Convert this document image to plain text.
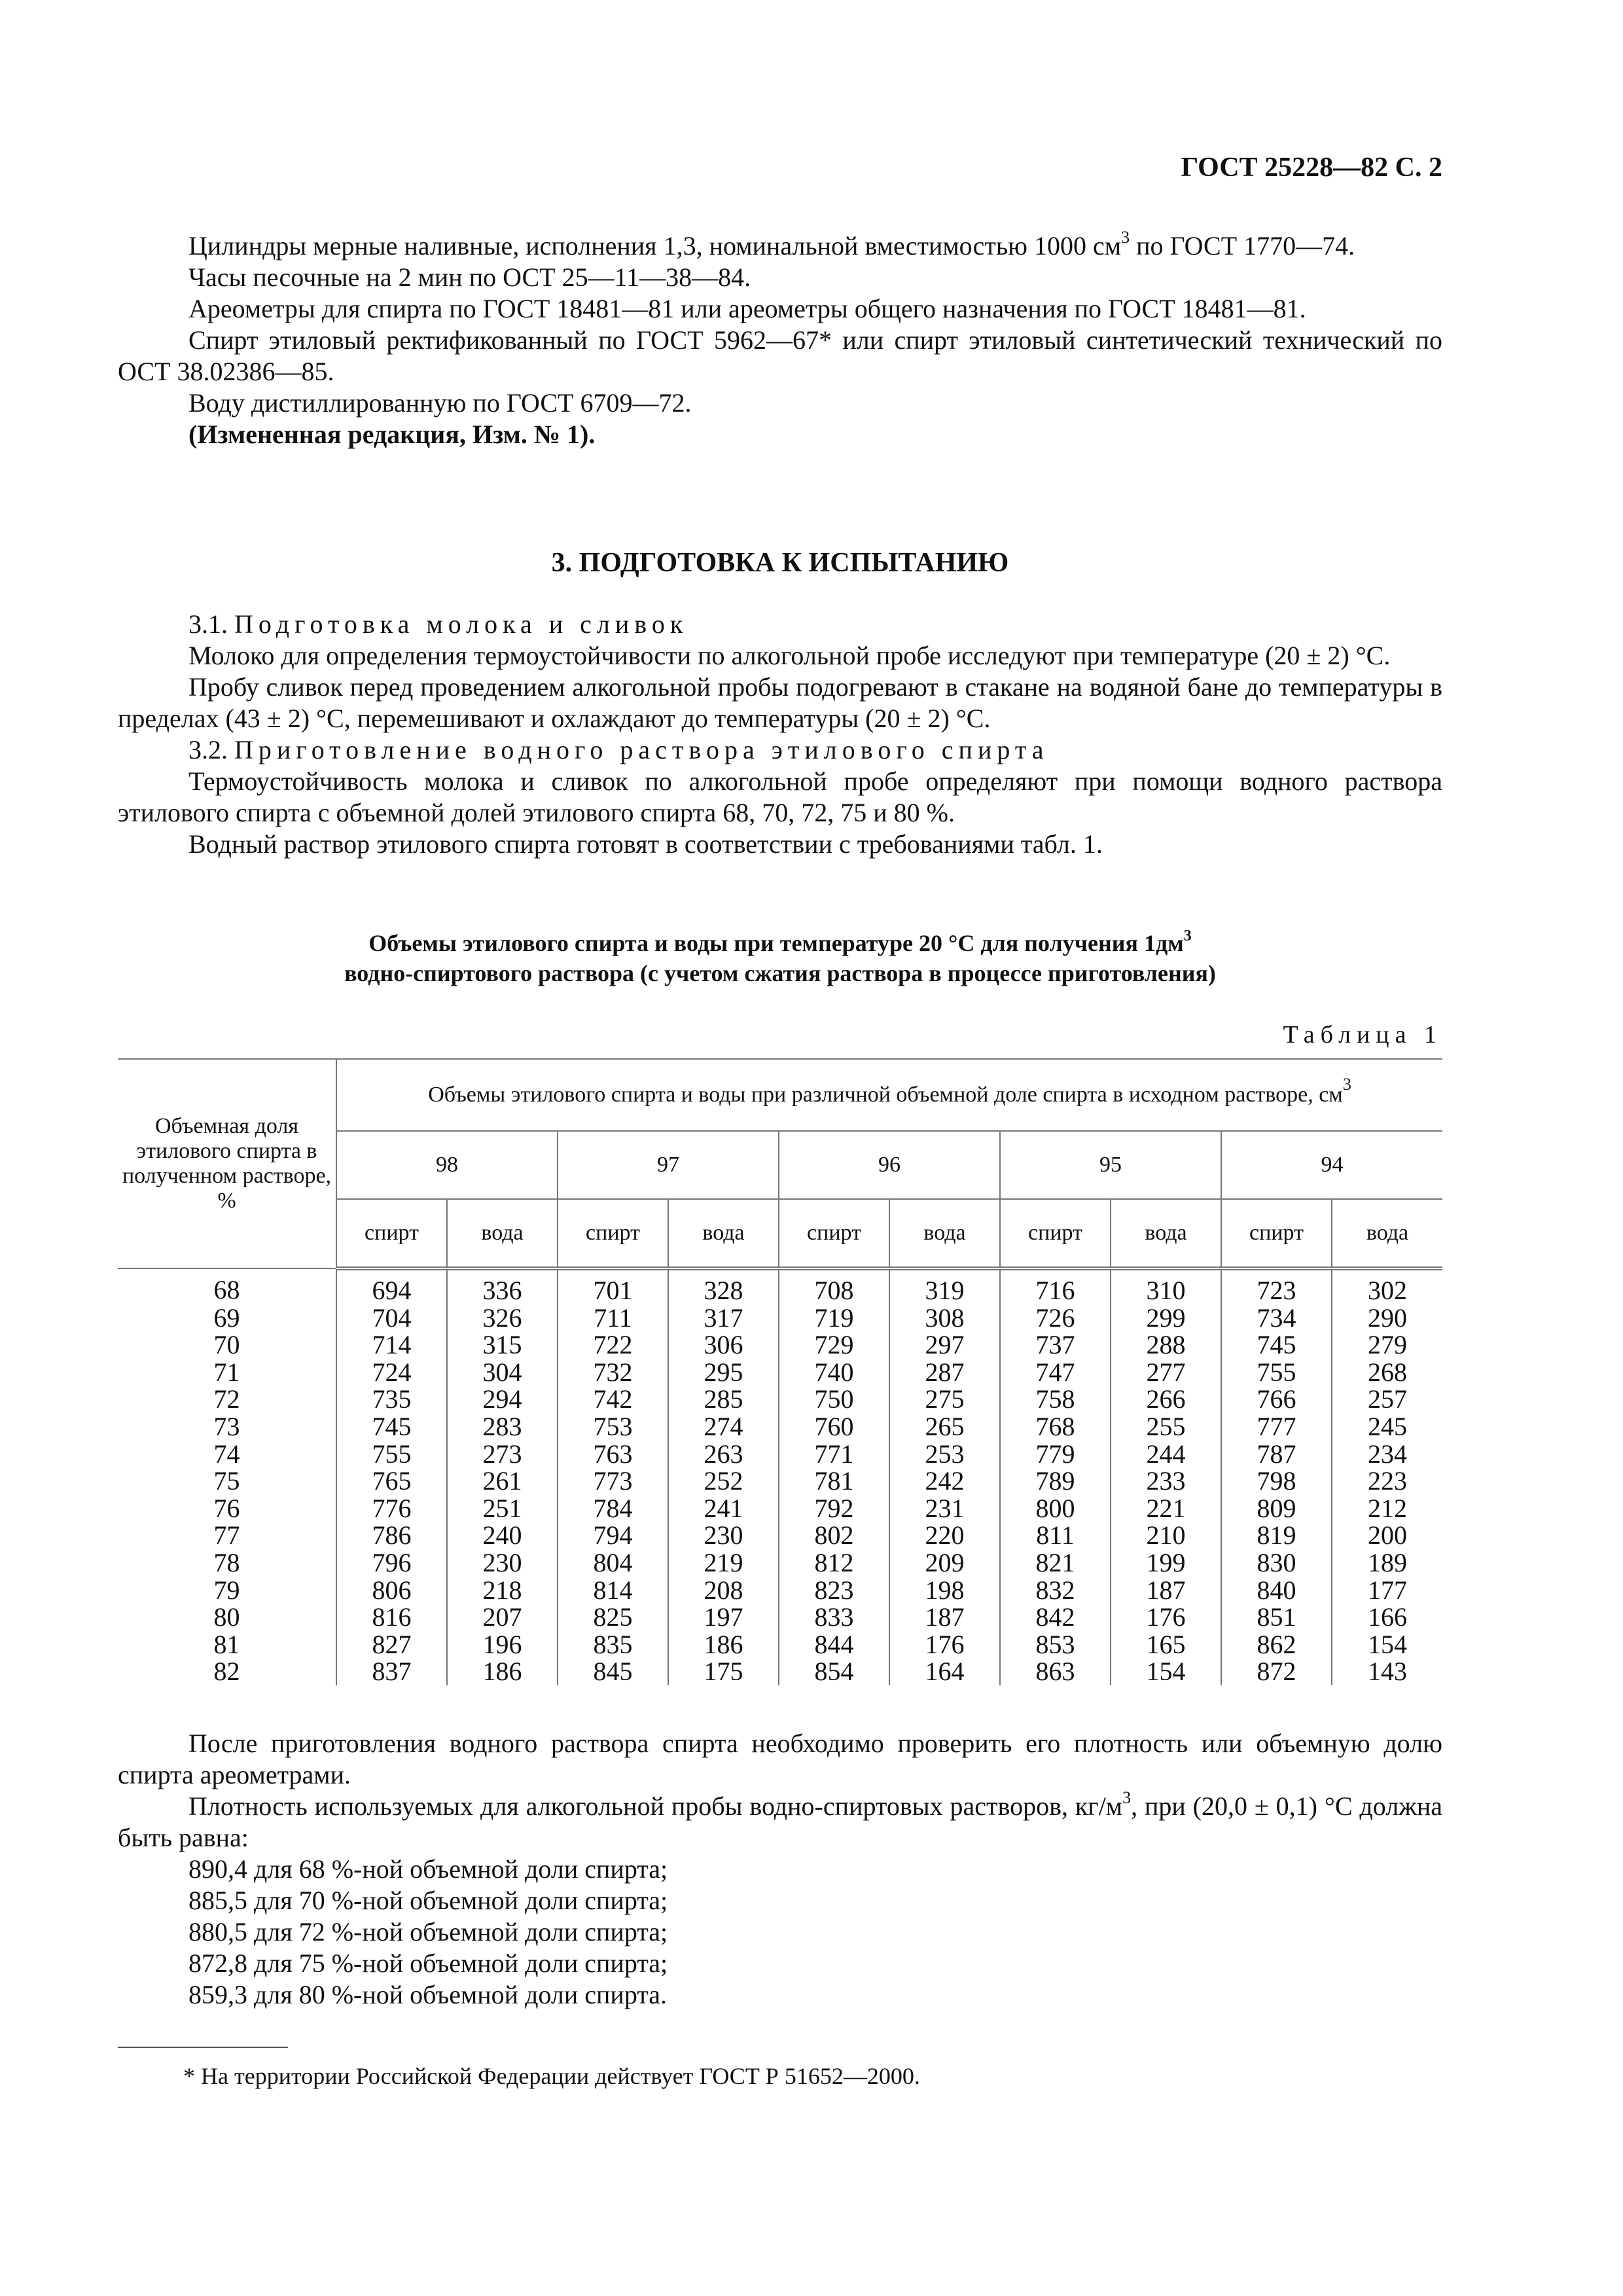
ГОСТ 25228—82 С. 2

Цилиндры мерные наливные, исполнения 1,3, номинальной вместимостью 1000 $см^3$ по ГОСТ 1770—74.

Часы песочные на 2 мин по ОСТ 25—11—38—84.

Ареометры для спирта по ГОСТ 18481—81 или ареометры общего назначения по ГОСТ 18481—81.

Спирт этиловый ректификованный по ГОСТ 5962—67* или спирт этиловый синтетический технический по ОСТ 38.02386—85.

Воду дистиллированную по ГОСТ 6709—72.

(Измененная редакция, Изм. № 1).

3. ПОДГОТОВКА К ИСПЫТАНИЮ

3.1. Подготовка молока и сливок

Молоко для определения термоустойчивости по алкогольной пробе исследуют при температуре (20 ± 2) °С.

Пробу сливок перед проведением алкогольной пробы подогревают в стакане на водяной бане до температуры в пределах (43 ± 2) °С, перемешивают и охлаждают до температуры (20 ± 2) °С.

3.2. Приготовление водного раствора этилового спирта

Термоустойчивость молока и сливок по алкогольной пробе определяют при помощи водного раствора этилового спирта с объемной долей этилового спирта 68, 70, 72, 75 и 80 %.

Водный раствор этилового спирта готовят в соответствии с требованиями табл. 1.

Объемы этилового спирта и воды при температуре 20 °С для получения $1дм^3$
водно-спиртового раствора (с учетом сжатия раствора в процессе приготовления)
Таблица 1
Объемная доля этилового спирта в полученном растворе, %	Объемы этилового спирта и воды при различной объемной доле спирта в исходном растворе, $см^3$
	98		97		96		95		94	
	спирт	вода	спирт	вода	спирт	вода	спирт	вода	спирт	вода
68	694	336	701	328	708	319	716	310	723	302
69	704	326	711	317	719	308	726	299	734	290
70	714	315	722	306	729	297	737	288	745	279
71	724	304	732	295	740	287	747	277	755	268
72	735	294	742	285	750	275	758	266	766	257
73	745	283	753	274	760	265	768	255	777	245
74	755	273	763	263	771	253	779	244	787	234
75	765	261	773	252	781	242	789	233	798	223
76	776	251	784	241	792	231	800	221	809	212
77	786	240	794	230	802	220	811	210	819	200
78	796	230	804	219	812	209	821	199	830	189
79	806	218	814	208	823	198	832	187	840	177
80	816	207	825	197	833	187	842	176	851	166
81	827	196	835	186	844	176	853	165	862	154
82	837	186	845	175	854	164	863	154	872	143

После приготовления водного раствора спирта необходимо проверить его плотность или объемную долю спирта ареометрами.

Плотность используемых для алкогольной пробы водно-спиртовых растворов, $кг/м^3$, при (20,0 ± 0,1) °С должна быть равна:

890,4 для 68 %-ной объемной доли спирта;

885,5 для 70 %-ной объемной доли спирта;

880,5 для 72 %-ной объемной доли спирта;

872,8 для 75 %-ной объемной доли спирта;

859,3 для 80 %-ной объемной доли спирта.

* На территории Российской Федерации действует ГОСТ Р 51652—2000.
